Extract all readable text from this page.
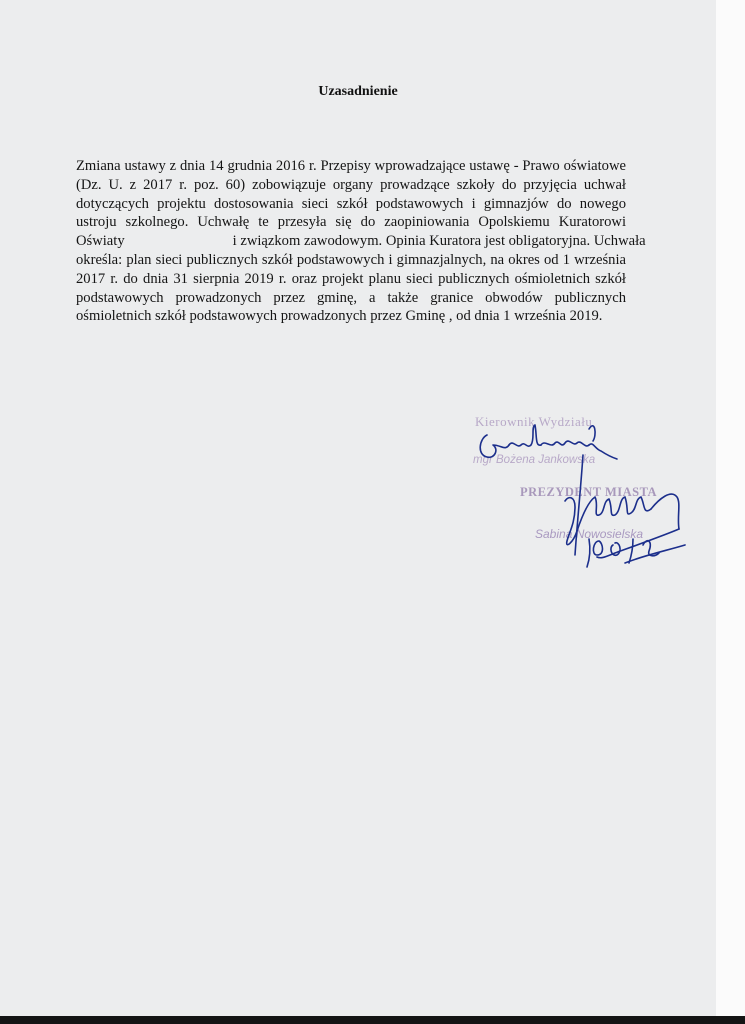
Uzasadnienie
Zmiana ustawy z dnia 14 grudnia 2016 r. Przepisy wprowadzające ustawę - Prawo oświatowe
(Dz. U. z 2017 r. poz. 60) zobowiązuje organy prowadzące szkoły do przyjęcia uchwał
dotyczących projektu dostosowania sieci szkół podstawowych i gimnazjów do nowego
ustroju szkolnego. Uchwałę te przesyła się do zaopiniowania Opolskiemu Kuratorowi
Oświaty	i związkom zawodowym. Opinia Kuratora jest obligatoryjna. Uchwała
określa: plan sieci publicznych szkół podstawowych i gimnazjalnych, na okres od 1 września
2017 r. do dnia 31 sierpnia 2019 r. oraz projekt planu sieci publicznych ośmioletnich szkół
podstawowych prowadzonych przez gminę, a także granice obwodów publicznych
ośmioletnich szkół podstawowych prowadzonych przez Gminę , od dnia 1 września 2019.
Kierownik Wydziału
mgr Bożena Jankowska
PREZYDENT MIASTA
Sabina Nowosielska
